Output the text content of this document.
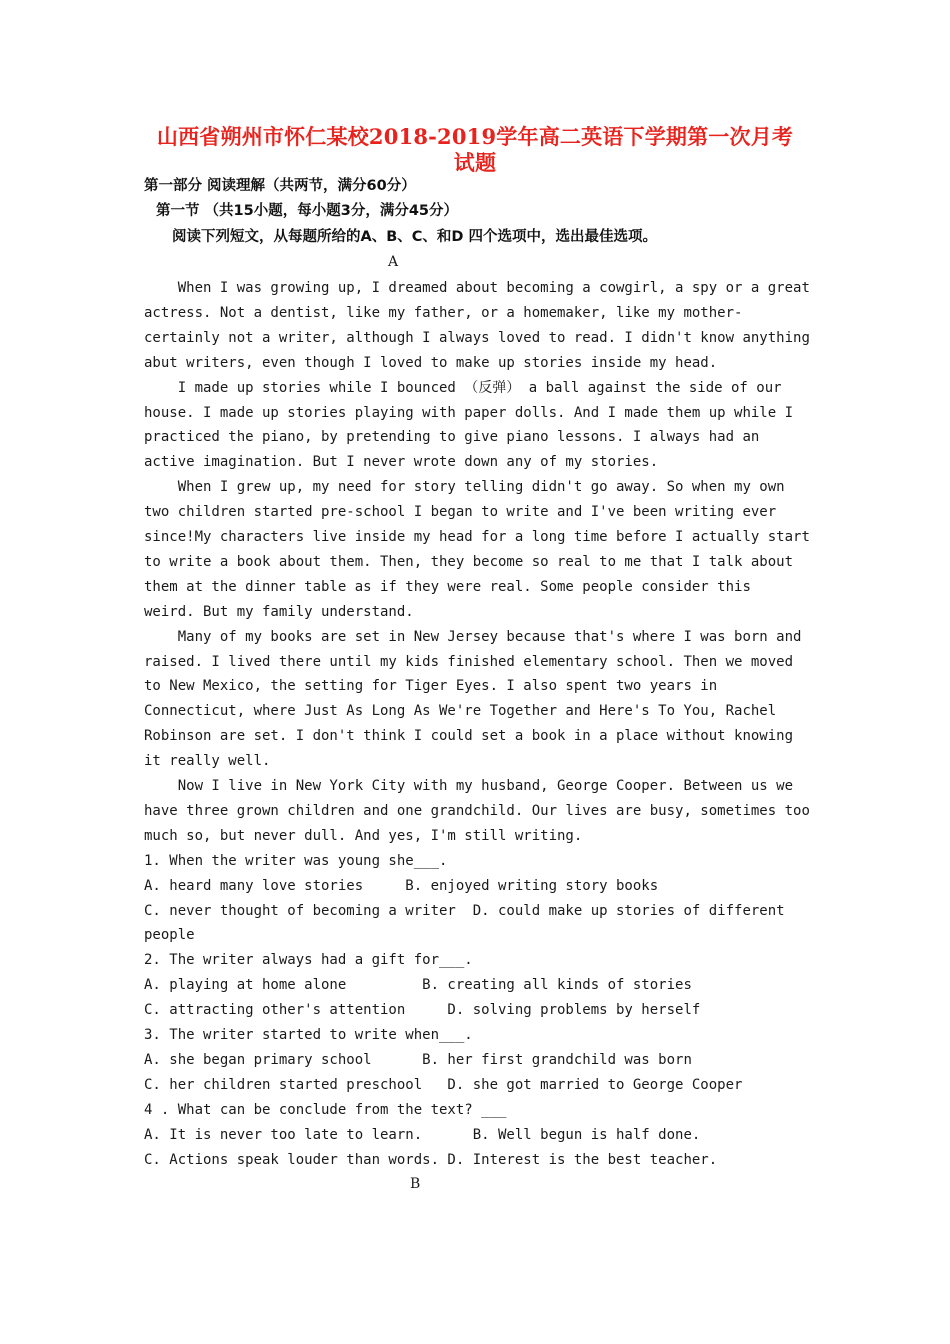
山西省朔州市怀仁某校2018-2019学年高二英语下学期第一次月考
试题
第一部分 阅读理解（共两节，满分60分）
第一节 （共15小题，每小题3分，满分45分）
阅读下列短文，从每题所给的A、B、C、和D 四个选项中，选出最佳选项。
A
When I was growing up, I dreamed about becoming a cowgirl, a spy or a great
actress. Not a dentist, like my father, or a homemaker, like my mother-
certainly not a writer, although I always loved to read. I didn't know anything
abut writers, even though I loved to make up stories inside my head.
I made up stories while I bounced （反弹） a ball against the side of our
house. I made up stories playing with paper dolls. And I made them up while I
practiced the piano, by pretending to give piano lessons. I always had an
active imagination. But I never wrote down any of my stories.
When I grew up, my need for story telling didn't go away. So when my own
two children started pre-school I began to write and I've been writing ever
since!My characters live inside my head for a long time before I actually start
to write a book about them. Then, they become so real to me that I talk about
them at the dinner table as if they were real. Some people consider this
weird. But my family understand.
Many of my books are set in New Jersey because that's where I was born and
raised. I lived there until my kids finished elementary school. Then we moved
to New Mexico, the setting for Tiger Eyes. I also spent two years in
Connecticut, where Just As Long As We're Together and Here's To You, Rachel
Robinson are set. I don't think I could set a book in a place without knowing
it really well.
Now I live in New York City with my husband, George Cooper. Between us we
have three grown children and one grandchild. Our lives are busy, sometimes too
much so, but never dull. And yes, I'm still writing.
1. When the writer was young she___.
A. heard many love stories     B. enjoyed writing story books
C. never thought of becoming a writer  D. could make up stories of different
people
2. The writer always had a gift for___.
A. playing at home alone         B. creating all kinds of stories
C. attracting other's attention     D. solving problems by herself
3. The writer started to write when___.
A. she began primary school      B. her first grandchild was born
C. her children started preschool   D. she got married to George Cooper
4 . What can be conclude from the text? ___
A. It is never too late to learn.      B. Well begun is half done.
C. Actions speak louder than words. D. Interest is the best teacher.
B
